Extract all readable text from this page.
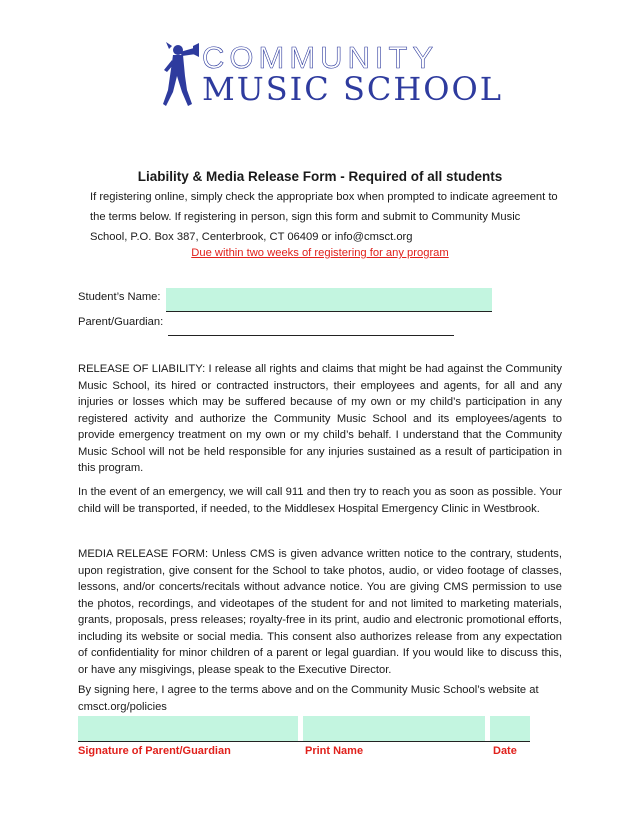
COMMUNITY
MUSIC SCHOOL
Liability & Media Release Form - Required of all students
If registering online, simply check the appropriate box when prompted to indicate agreement to the terms below. If registering in person, sign this form and submit to Community Music School, P.O. Box 387, Centerbrook, CT 06409 or info@cmsct.org
Due within two weeks of registering for any program
Student’s Name:
Parent/Guardian:
RELEASE OF LIABILITY: I release all rights and claims that might be had against the Community Music School, its hired or contracted instructors, their employees and agents, for all and any injuries or losses which may be suffered because of my own or my child’s participation in any registered activity and authorize the Community Music School and its employees/agents to provide emergency treatment on my own or my child’s behalf. I understand that the Community Music School will not be held responsible for any injuries sustained as a result of participation in this program.
In the event of an emergency, we will call 911 and then try to reach you as soon as possible. Your child will be transported, if needed, to the Middlesex Hospital Emergency Clinic in Westbrook.
MEDIA RELEASE FORM: Unless CMS is given advance written notice to the contrary, students, upon registration, give consent for the School to take photos, audio, or video footage of classes, lessons, and/or concerts/recitals without advance notice. You are giving CMS permission to use the photos, recordings, and videotapes of the student for and not limited to marketing materials, grants, proposals, press releases; royalty-free in its print, audio and electronic promotional efforts, including its website or social media. This consent also authorizes release from any expectation of confidentiality for minor children of a parent or legal guardian. If you would like to discuss this, or have any misgivings, please speak to the Executive Director.
By signing here, I agree to the terms above and on the Community Music School’s website at cmsct.org/policies
Signature of Parent/Guardian	Print Name	Date
